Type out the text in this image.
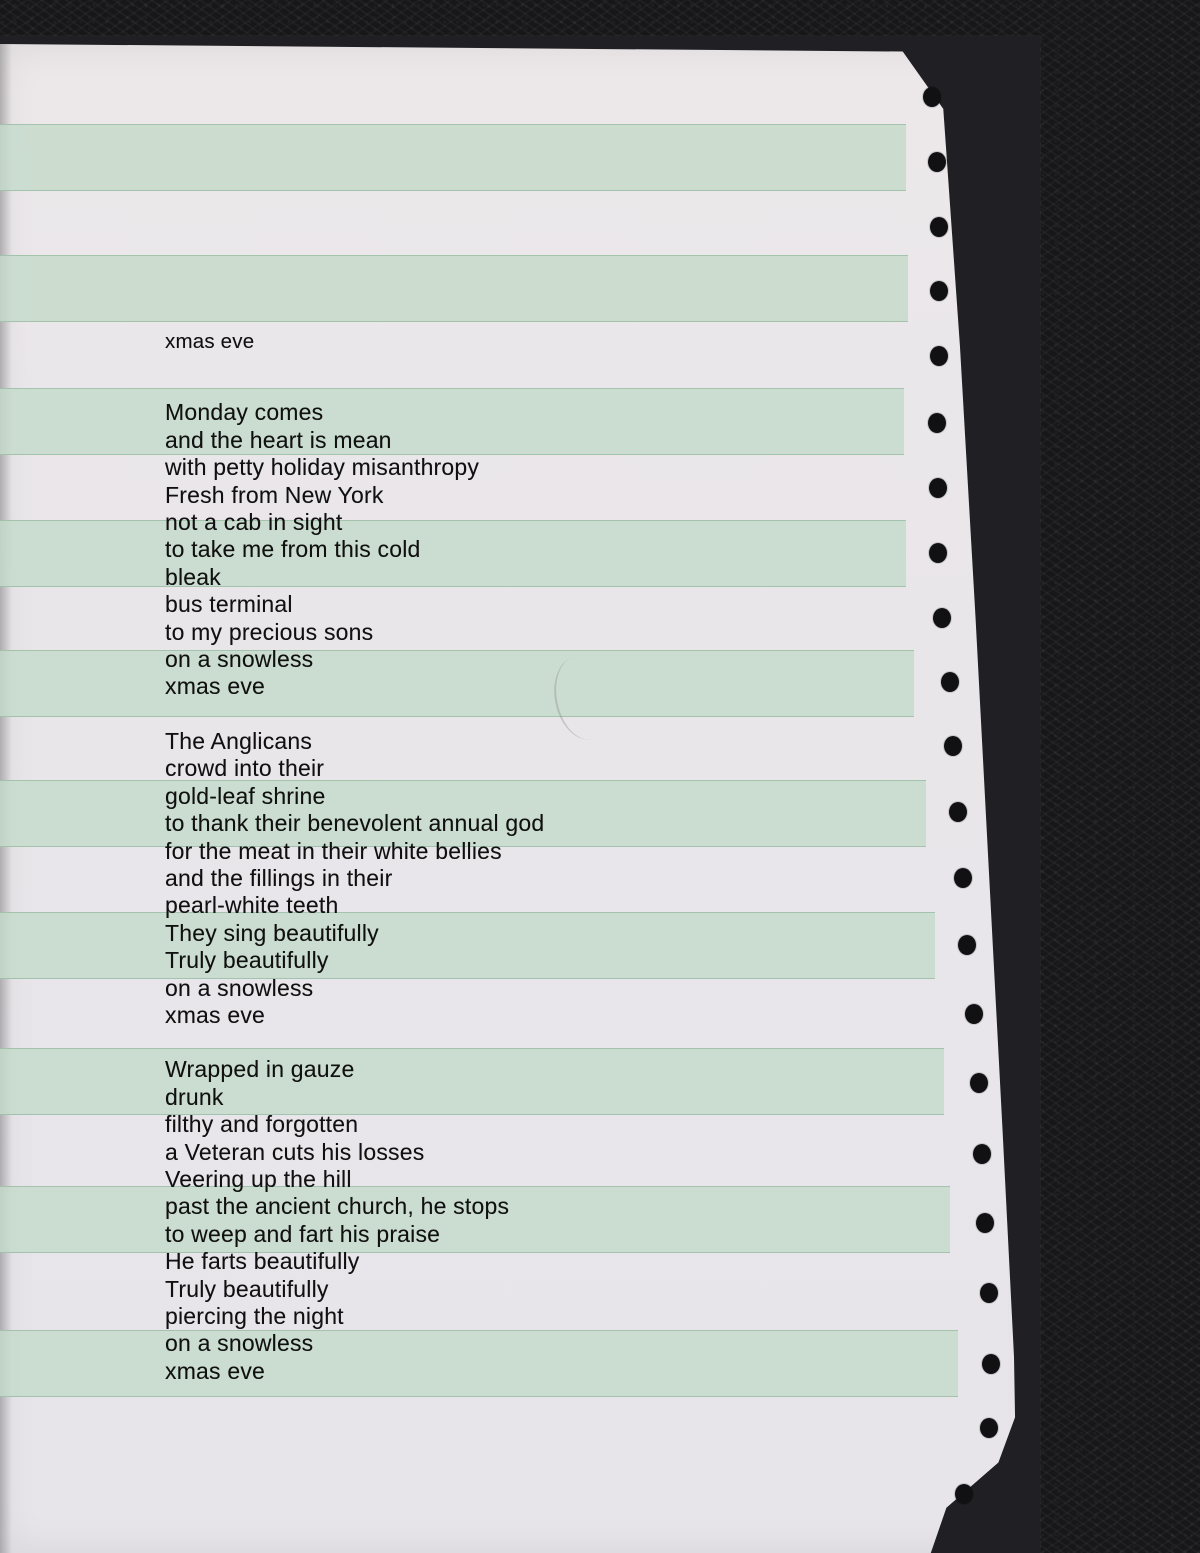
xmas eve
Monday comes
and the heart is mean
with petty holiday misanthropy
Fresh from New York
not a cab in sight
to take me from this cold
bleak
bus terminal
to my precious sons
on a snowless
xmas eve
The Anglicans
crowd into their
gold-leaf shrine
to thank their benevolent annual god
for the meat in their white bellies
and the fillings in their
pearl-white teeth
They sing beautifully
Truly beautifully
on a snowless
xmas eve
Wrapped in gauze
drunk
filthy and forgotten
a Veteran cuts his losses
Veering up the hill
past the ancient church, he stops
to weep and fart his praise
He farts beautifully
Truly beautifully
piercing the night
on a snowless
xmas eve
